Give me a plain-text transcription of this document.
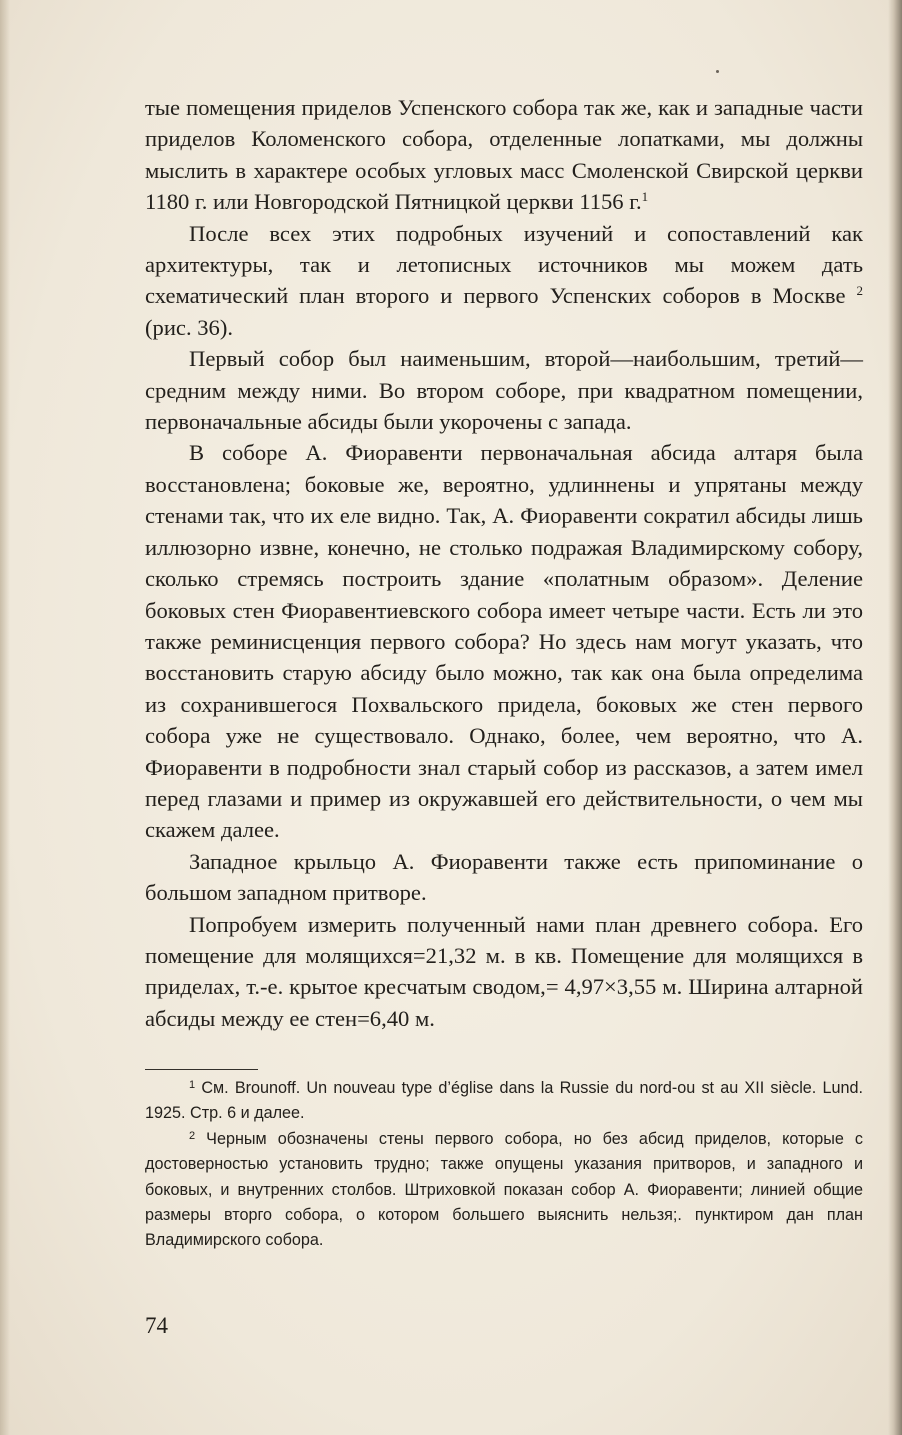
тые помещения приделов Успенского собора так же, как и западные части приделов Коломенского собора, отделенные лопатками, мы должны мыслить в характере особых угловых масс Смоленской Свирской церкви 1180 г. или Новгородской Пятницкой церкви 1156 г.$^1$

После всех этих подробных изучений и сопоставлений как архитектуры, так и летописных источников мы можем дать схематический план второго и первого Успенских соборов в Москве $^2$ (рис. 36).

Первый собор был наименьшим, второй—наибольшим, третий—средним между ними. Во втором соборе, при квадратном помещении, первоначальные абсиды были укорочены с запада.

В соборе А. Фиоравенти первоначальная абсида алтаря была восстановлена; боковые же, вероятно, удлиннены и упрятаны между стенами так, что их еле видно. Так, А. Фиоравенти сократил абсиды лишь иллюзорно извне, конечно, не столько подражая Владимирскому собору, сколько стремясь построить здание «полатным образом». Деление боковых стен Фиоравентиевского собора имеет четыре части. Есть ли это также реминисценция первого собора? Но здесь нам могут указать, что восстановить старую абсиду было можно, так как она была определима из сохранившегося Похвальского придела, боковых же стен первого собора уже не существовало. Однако, более, чем вероятно, что А. Фиоравенти в подробности знал старый собор из рассказов, а затем имел перед глазами и пример из окружавшей его действительности, о чем мы скажем далее.

Западное крыльцо А. Фиоравенти также есть припоминание о большом западном притворе.

Попробуем измерить полученный нами план древнего собора. Его помещение для молящихся=21,32 м. в кв. Помещение для молящихся в приделах, т.-е. крытое кресчатым сводом,= 4,97×3,55 м. Ширина алтарной абсиды между ее стен=6,40 м.

$^1$ См. Brounoff. Un nouveau type d’église dans la Russie du nord-ou st au XII siècle. Lund. 1925. Стр. 6 и далее.

$^2$ Черным обозначены стены первого собора, но без абсид приделов, которые с достоверностью установить трудно; также опущены указания притворов, и западного и боковых, и внутренних столбов. Штриховкой показан собор А. Фиоравенти; линией общие размеры вторго собора, о котором большего выяснить нельзя;. пунктиром дан план Владимирского собора.

74
